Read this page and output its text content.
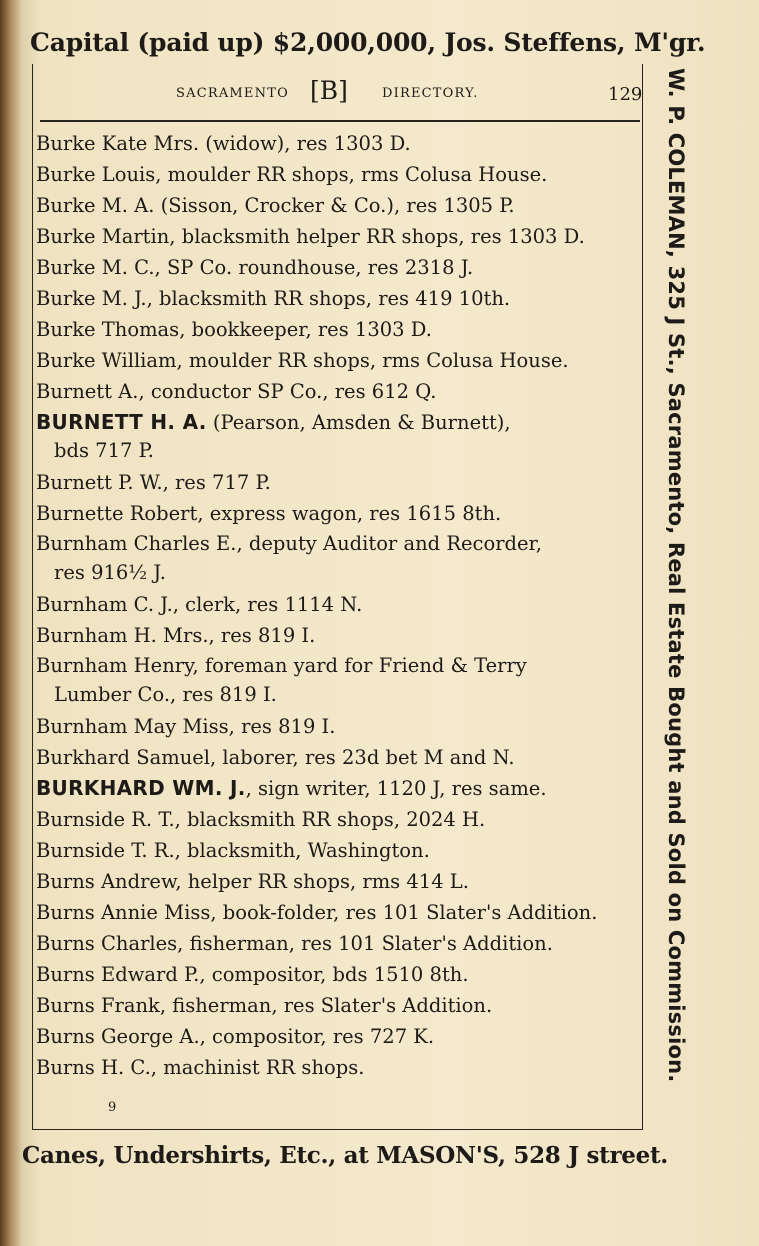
Capital (paid up) $2,000,000, Jos. Steffens, M'gr.
SACRAMENTO [B]	DIRECTORY.	129
Burke Kate Mrs. (widow), res 1303 D.
Burke Louis, moulder RR shops, rms Colusa House.
Burke M. A. (Sisson, Crocker & Co.), res 1305 P.
Burke Martin, blacksmith helper RR shops, res 1303 D.
Burke M. C., SP Co. roundhouse, res 2318 J.
Burke M. J., blacksmith RR shops, res 419 10th.
Burke Thomas, bookkeeper, res 1303 D.
Burke William, moulder RR shops, rms Colusa House.
Burnett A., conductor SP Co., res 612 Q.
BURNETT H. A. (Pearson, Amsden & Burnett),
bds 717 P.
Burnett P. W., res 717 P.
Burnette Robert, express wagon, res 1615 8th.
Burnham Charles E., deputy Auditor and Recorder,
res 916½ J.
Burnham C. J., clerk, res 1114 N.
Burnham H. Mrs., res 819 I.
Burnham Henry, foreman yard for Friend & Terry
Lumber Co., res 819 I.
Burnham May Miss, res 819 I.
Burkhard Samuel, laborer, res 23d bet M and N.
BURKHARD WM. J., sign writer, 1120 J, res same.
Burnside R. T., blacksmith RR shops, 2024 H.
Burnside T. R., blacksmith, Washington.
Burns Andrew, helper RR shops, rms 414 L.
Burns Annie Miss, book-folder, res 101 Slater's Addition.
Burns Charles, fisherman, res 101 Slater's Addition.
Burns Edward P., compositor, bds 1510 8th.
Burns Frank, fisherman, res Slater's Addition.
Burns George A., compositor, res 727 K.
Burns H. C., machinist RR shops.
9
W. P. COLEMAN, 325 J St., Sacramento, Real Estate Bought and Sold on Commission.
Canes, Undershirts, Etc., at MASON'S, 528 J street.
